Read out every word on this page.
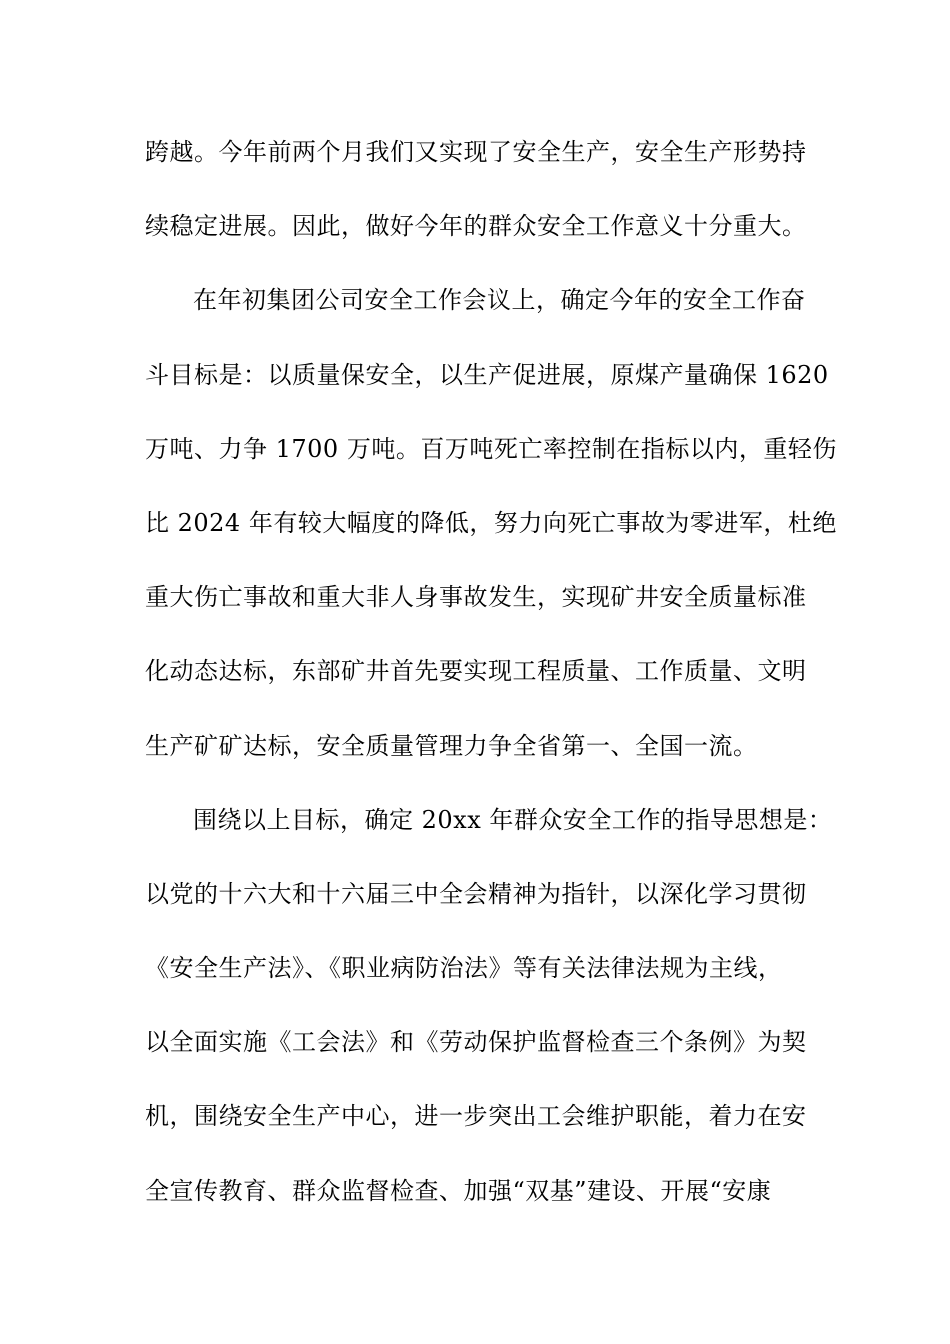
跨越。今年前两个月我们又实现了安全生产，安全生产形势持
续稳定进展。因此，做好今年的群众安全工作意义十分重大。
在年初集团公司安全工作会议上，确定今年的安全工作奋
斗目标是：以质量保安全，以生产促进展，原煤产量确保 1620
万吨、力争 1700 万吨。百万吨死亡率控制在指标以内，重轻伤
比 2024 年有较大幅度的降低，努力向死亡事故为零进军，杜绝
重大伤亡事故和重大非人身事故发生，实现矿井安全质量标准
化动态达标，东部矿井首先要实现工程质量、工作质量、文明
生产矿矿达标，安全质量管理力争全省第一、全国一流。
围绕以上目标，确定 20xx 年群众安全工作的指导思想是：
以党的十六大和十六届三中全会精神为指针，以深化学习贯彻
《安全生产法》、《职业病防治法》等有关法律法规为主线，
以全面实施《工会法》和《劳动保护监督检查三个条例》为契
机，围绕安全生产中心，进一步突出工会维护职能，着力在安
全宣传教育、群众监督检查、加强“双基”建设、开展“安康
